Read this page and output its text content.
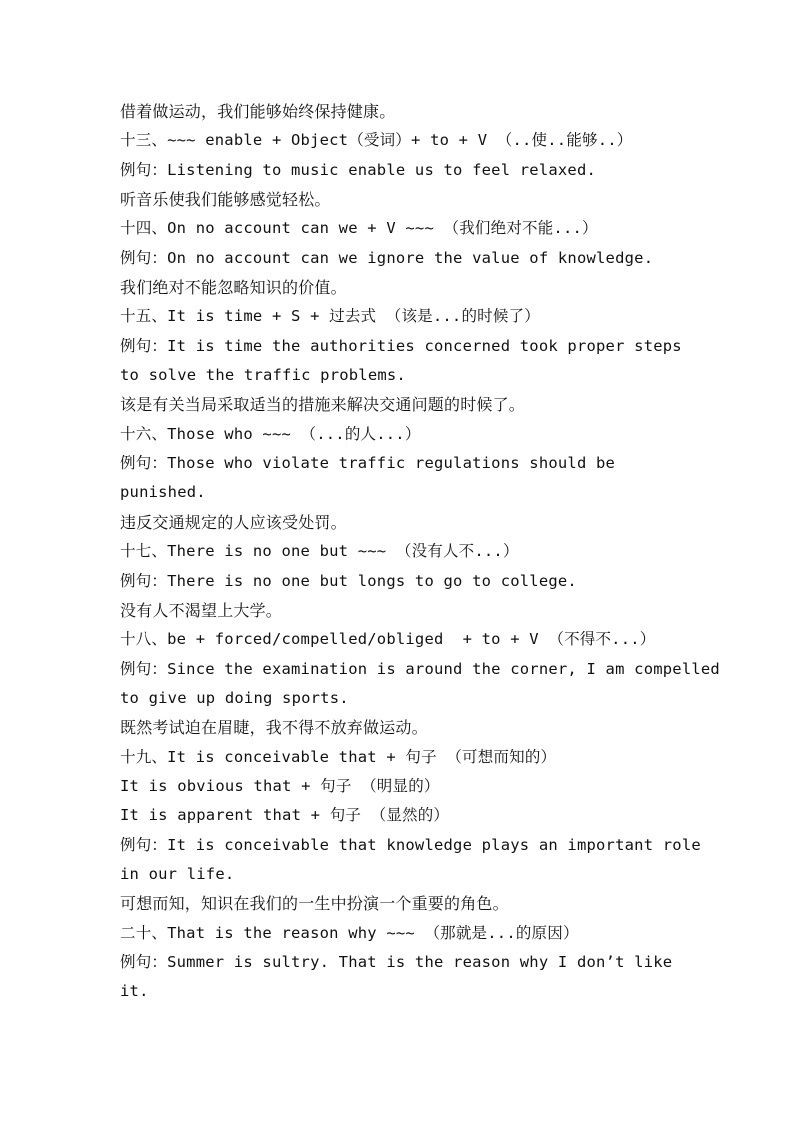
借着做运动，我们能够始终保持健康。
十三、~~~ enable + Object（受词）+ to + V （..使..能够..）
例句：Listening to music enable us to feel relaxed.
听音乐使我们能够感觉轻松。
十四、On no account can we + V ~~~ （我们绝对不能...）
例句：On no account can we ignore the value of knowledge.
我们绝对不能忽略知识的价值。
十五、It is time + S + 过去式 （该是...的时候了）
例句：It is time the authorities concerned took proper steps
to solve the traffic problems.
该是有关当局采取适当的措施来解决交通问题的时候了。
十六、Those who ~~~ （...的人...）
例句：Those who violate traffic regulations should be
punished.
违反交通规定的人应该受处罚。
十七、There is no one but ~~~ （没有人不...）
例句：There is no one but longs to go to college.
没有人不渴望上大学。
十八、be + forced/compelled/obliged  + to + V （不得不...）
例句：Since the examination is around the corner, I am compelled
to give up doing sports.
既然考试迫在眉睫，我不得不放弃做运动。
十九、It is conceivable that + 句子 （可想而知的）
It is obvious that + 句子 （明显的）
It is apparent that + 句子 （显然的）
例句：It is conceivable that knowledge plays an important role
in our life.
可想而知，知识在我们的一生中扮演一个重要的角色。
二十、That is the reason why ~~~ （那就是...的原因）
例句：Summer is sultry. That is the reason why I don’t like
it.
